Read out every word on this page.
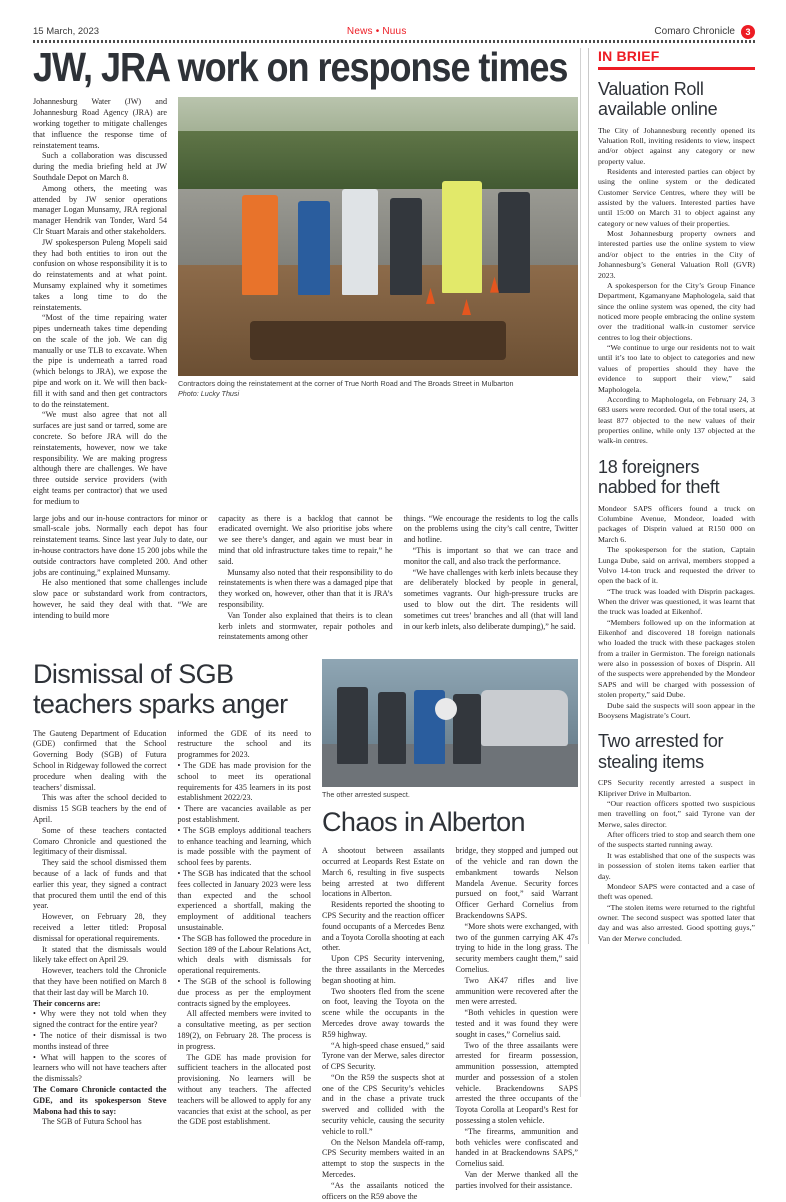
15 March, 2023	News • Nuus	Comaro Chronicle	3
JW, JRA work on response times

Johannesburg Water (JW) and Johannesburg Road Agency (JRA) are working together to mitigate challenges that influence the response time of reinstatement teams.

Such a collaboration was discussed during the media briefing held at JW Southdale Depot on March 8.

Among others, the meeting was attended by JW senior operations manager Logan Munsamy, JRA regional manager Hendrik van Tonder, Ward 54 Clr Stuart Marais and other stakeholders.

JW spokesperson Puleng Mopeli said they had both entities to iron out the confusion on whose responsibility it is to do reinstatements and at what point. Munsamy explained why it sometimes takes a long time to do the reinstatements.

“Most of the time repairing water pipes underneath takes time depending on the scale of the job. We can dig manually or use TLB to excavate. When the pipe is underneath a tarred road (which belongs to JRA), we expose the pipe and work on it. We will then back-fill it with sand and then get contractors to do the reinstatement.

“We must also agree that not all surfaces are just sand or tarred, some are concrete. So before JRA will do the reinstatements, however, now we take responsibility. We are making progress although there are challenges. We have three outside service providers (with eight teams per contractor) that we used for medium to

Contractors doing the reinstatement at the corner of True North Road and The Broads Street in Mulbarton
Photo: Lucky Thusi

large jobs and our in-house contractors for minor or small-scale jobs. Normally each depot has four reinstatement teams. Since last year July to date, our in-house contractors have done 15 200 jobs while the outside contractors have completed 200. And other jobs are continuing,” explained Munsamy.

He also mentioned that some challenges include slow pace or substandard work from contractors, however, he said they deal with that. “We are intending to build more

capacity as there is a backlog that cannot be eradicated overnight. We also prioritise jobs where we see there’s danger, and again we must bear in mind that old infrastructure takes time to repair,” he said.

Munsamy also noted that their responsibility to do reinstatements is when there was a damaged pipe that they worked on, however, other than that it is JRA’s responsibility.

Van Tonder also explained that theirs is to clean kerb inlets and stormwater, repair potholes and reinstatements among other

things. “We encourage the residents to log the calls on the problems using the city’s call centre, Twitter and hotline.

“This is important so that we can trace and monitor the call, and also track the performance.

“We have challenges with kerb inlets because they are deliberately blocked by people in general, sometimes vagrants. Our high-pressure trucks are used to blow out the dirt. The residents will sometimes cut trees’ branches and all (that will land in our kerb inlets, also deliberate dumping),” he said.

Dismissal of SGB teachers sparks anger

The Gauteng Department of Education (GDE) confirmed that the School Governing Body (SGB) of Futura School in Ridgeway followed the correct procedure when dealing with the teachers’ dismissal.

This was after the school decided to dismiss 15 SGB teachers by the end of April.

Some of these teachers contacted Comaro Chronicle and questioned the legitimacy of their dismissal.

They said the school dismissed them because of a lack of funds and that earlier this year, they signed a contract that procured them until the end of this year.

However, on February 28, they received a letter titled: Proposal dismissal for operational requirements.

It stated that the dismissals would likely take effect on April 29.

However, teachers told the Chronicle that they have been notified on March 8 that their last day will be March 10.

Their concerns are:

• Why were they not told when they signed the contract for the entire year?

• The notice of their dismissal is two months instead of three

• What will happen to the scores of learners who will not have teachers after the dismissals?

The Comaro Chronicle contacted the GDE, and its spokesperson Steve Mabona had this to say:

The SGB of Futura School has

informed the GDE of its need to restructure the school and its programmes for 2023.

• The GDE has made provision for the school to meet its operational requirements for 435 learners in its post establishment 2022/23.

• There are vacancies available as per post establishment.

• The SGB employs additional teachers to enhance teaching and learning, which is made possible with the payment of school fees by parents.

• The SGB has indicated that the school fees collected in January 2023 were less than expected and the school experienced a shortfall, making the employment of additional teachers unsustainable.

• The SGB has followed the procedure in Section 189 of the Labour Relations Act, which deals with dismissals for operational requirements.

• The SGB of the school is following due process as per the employment contracts signed by the employees.

All affected members were invited to a consultative meeting, as per section 189(2), on February 28. The process is in progress.

The GDE has made provision for sufficient teachers in the allocated post provisioning. No learners will be without any teachers. The affected teachers will be allowed to apply for any vacancies that exist at the school, as per the GDE post establishment.

The other arrested suspect.
Chaos in Alberton

A shootout between assailants occurred at Leopards Rest Estate on March 6, resulting in five suspects being arrested at two different locations in Alberton.

Residents reported the shooting to CPS Security and the reaction officer found occupants of a Mercedes Benz and a Toyota Corolla shooting at each other.

Upon CPS Security intervening, the three assailants in the Mercedes began shooting at him.

Two shooters fled from the scene on foot, leaving the Toyota on the scene while the occupants in the Mercedes drove away towards the R59 highway.

“A high-speed chase ensued,” said Tyrone van der Merwe, sales director of CPS Security.

“On the R59 the suspects shot at one of the CPS Security’s vehicles and in the chase a private truck swerved and collided with the security vehicle, causing the security vehicle to roll.”

On the Nelson Mandela off-ramp, CPS Security members waited in an attempt to stop the suspects in the Mercedes.

“As the assailants noticed the officers on the R59 above the

bridge, they stopped and jumped out of the vehicle and ran down the embankment towards Nelson Mandela Avenue. Security forces pursued on foot,” said Warrant Officer Gerhard Cornelius from Brackendowns SAPS.

“More shots were exchanged, with two of the gunmen carrying AK 47s trying to hide in the long grass. The security members caught them,” said Cornelius.

Two AK47 rifles and live ammunition were recovered after the men were arrested.

“Both vehicles in question were tested and it was found they were sought in cases,” Cornelius said.

Two of the three assailants were arrested for firearm possession, ammunition possession, attempted murder and possession of a stolen vehicle. Brackendowns SAPS arrested the three occupants of the Toyota Corolla at Leopard’s Rest for possessing a stolen vehicle.

“The firearms, ammunition and both vehicles were confiscated and handed in at Brackendowns SAPS,” Cornelius said.

Van der Merwe thanked all the parties involved for their assistance.

IN BRIEF
Valuation Roll available online

The City of Johannesburg recently opened its Valuation Roll, inviting residents to view, inspect and/or object against any category or new property value.

Residents and interested parties can object by using the online system or the dedicated Customer Service Centres, where they will be assisted by the valuers. Interested parties have until 15:00 on March 31 to object against any category or new values of their properties.

Most Johannesburg property owners and interested parties use the online system to view and/or object to the entries in the City of Johannesburg’s General Valuation Roll (GVR) 2023.

A spokesperson for the City’s Group Finance Department, Kgamanyane Maphologela, said that since the online system was opened, the city had noticed more people embracing the online system over the traditional walk-in customer service centres to log their objections.

“We continue to urge our residents not to wait until it’s too late to object to categories and new values of properties should they have the evidence to support their view,” said Maphologela.

According to Maphologela, on February 24, 3 683 users were recorded. Out of the total users, at least 877 objected to the new values of their properties online, while only 137 objected at the walk-in centres.

18 foreigners nabbed for theft

Mondeor SAPS officers found a truck on Columbine Avenue, Mondeor, loaded with packages of Disprin valued at R150 000 on March 6.

The spokesperson for the station, Captain Lunga Dube, said on arrival, members stopped a Volvo 14-ton truck and requested the driver to open the back of it.

“The truck was loaded with Disprin packages. When the driver was questioned, it was learnt that the truck was loaded at Eikenhof.

“Members followed up on the information at Eikenhof and discovered 18 foreign nationals who loaded the truck with these packages stolen from a trailer in Germiston. The foreign nationals were also in possession of boxes of Disprin. All of the suspects were apprehended by the Mondeor SAPS and will be charged with possession of stolen property,” said Dube.

Dube said the suspects will soon appear in the Booysens Magistrate’s Court.

Two arrested for stealing items

CPS Security recently arrested a suspect in Klipriver Drive in Mulbarton.

“Our reaction officers spotted two suspicious men travelling on foot,” said Tyrone van der Merwe, sales director.

After officers tried to stop and search them one of the suspects started running away.

It was established that one of the suspects was in possession of stolen items taken earlier that day.

Mondeor SAPS were contacted and a case of theft was opened.

“The stolen items were returned to the rightful owner. The second suspect was spotted later that day and was also arrested. Good spotting guys,” Van der Merwe concluded.
